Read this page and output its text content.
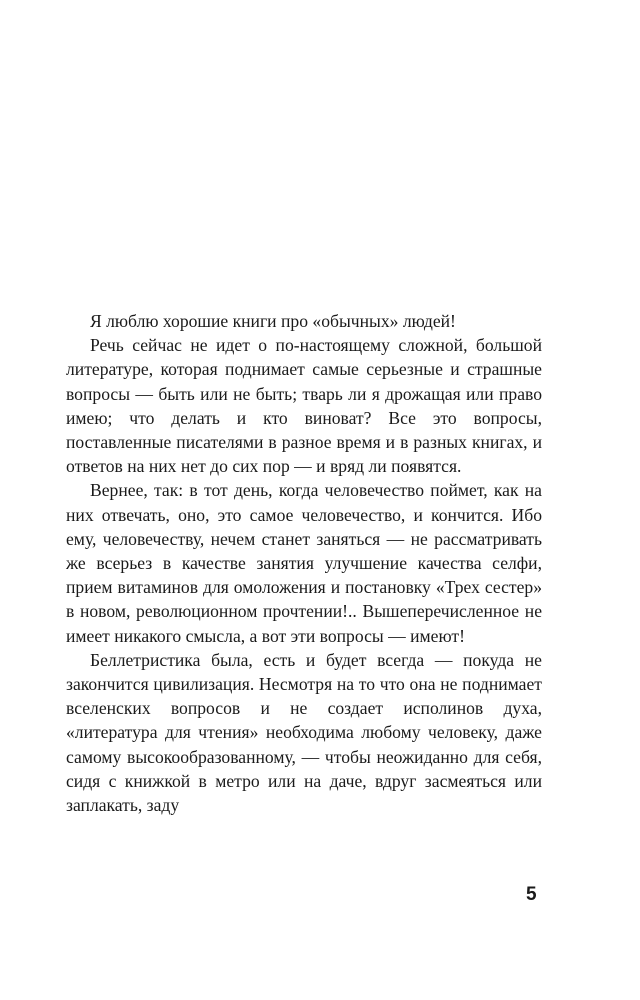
Я люблю хорошие книги про «обычных» людей!

Речь сейчас не идет о по-настоящему сложной, большой литературе, которая поднимает самые серьезные и страшные вопросы — быть или не быть; тварь ли я дрожащая или право имею; что делать и кто виноват? Все это вопросы, поставленные писателями в разное время и в разных книгах, и ответов на них нет до сих пор — и вряд ли появятся.

Вернее, так: в тот день, когда человечество поймет, как на них отвечать, оно, это самое человечество, и кончится. Ибо ему, человечеству, нечем станет заняться — не рассматривать же всерьез в качестве занятия улучшение качества селфи, прием витаминов для омоложения и постановку «Трех сестер» в новом, революционном прочтении!.. Вышеперечисленное не имеет никакого смысла, а вот эти вопросы — имеют!

Беллетристика была, есть и будет всегда — покуда не закончится цивилизация. Несмотря на то что она не поднимает вселенских вопросов и не создает исполинов духа, «литература для чтения» необходима любому человеку, даже самому высокообразованному, — чтобы неожиданно для себя, сидя с книжкой в метро или на даче, вдруг засмеяться или заплакать, заду

5
